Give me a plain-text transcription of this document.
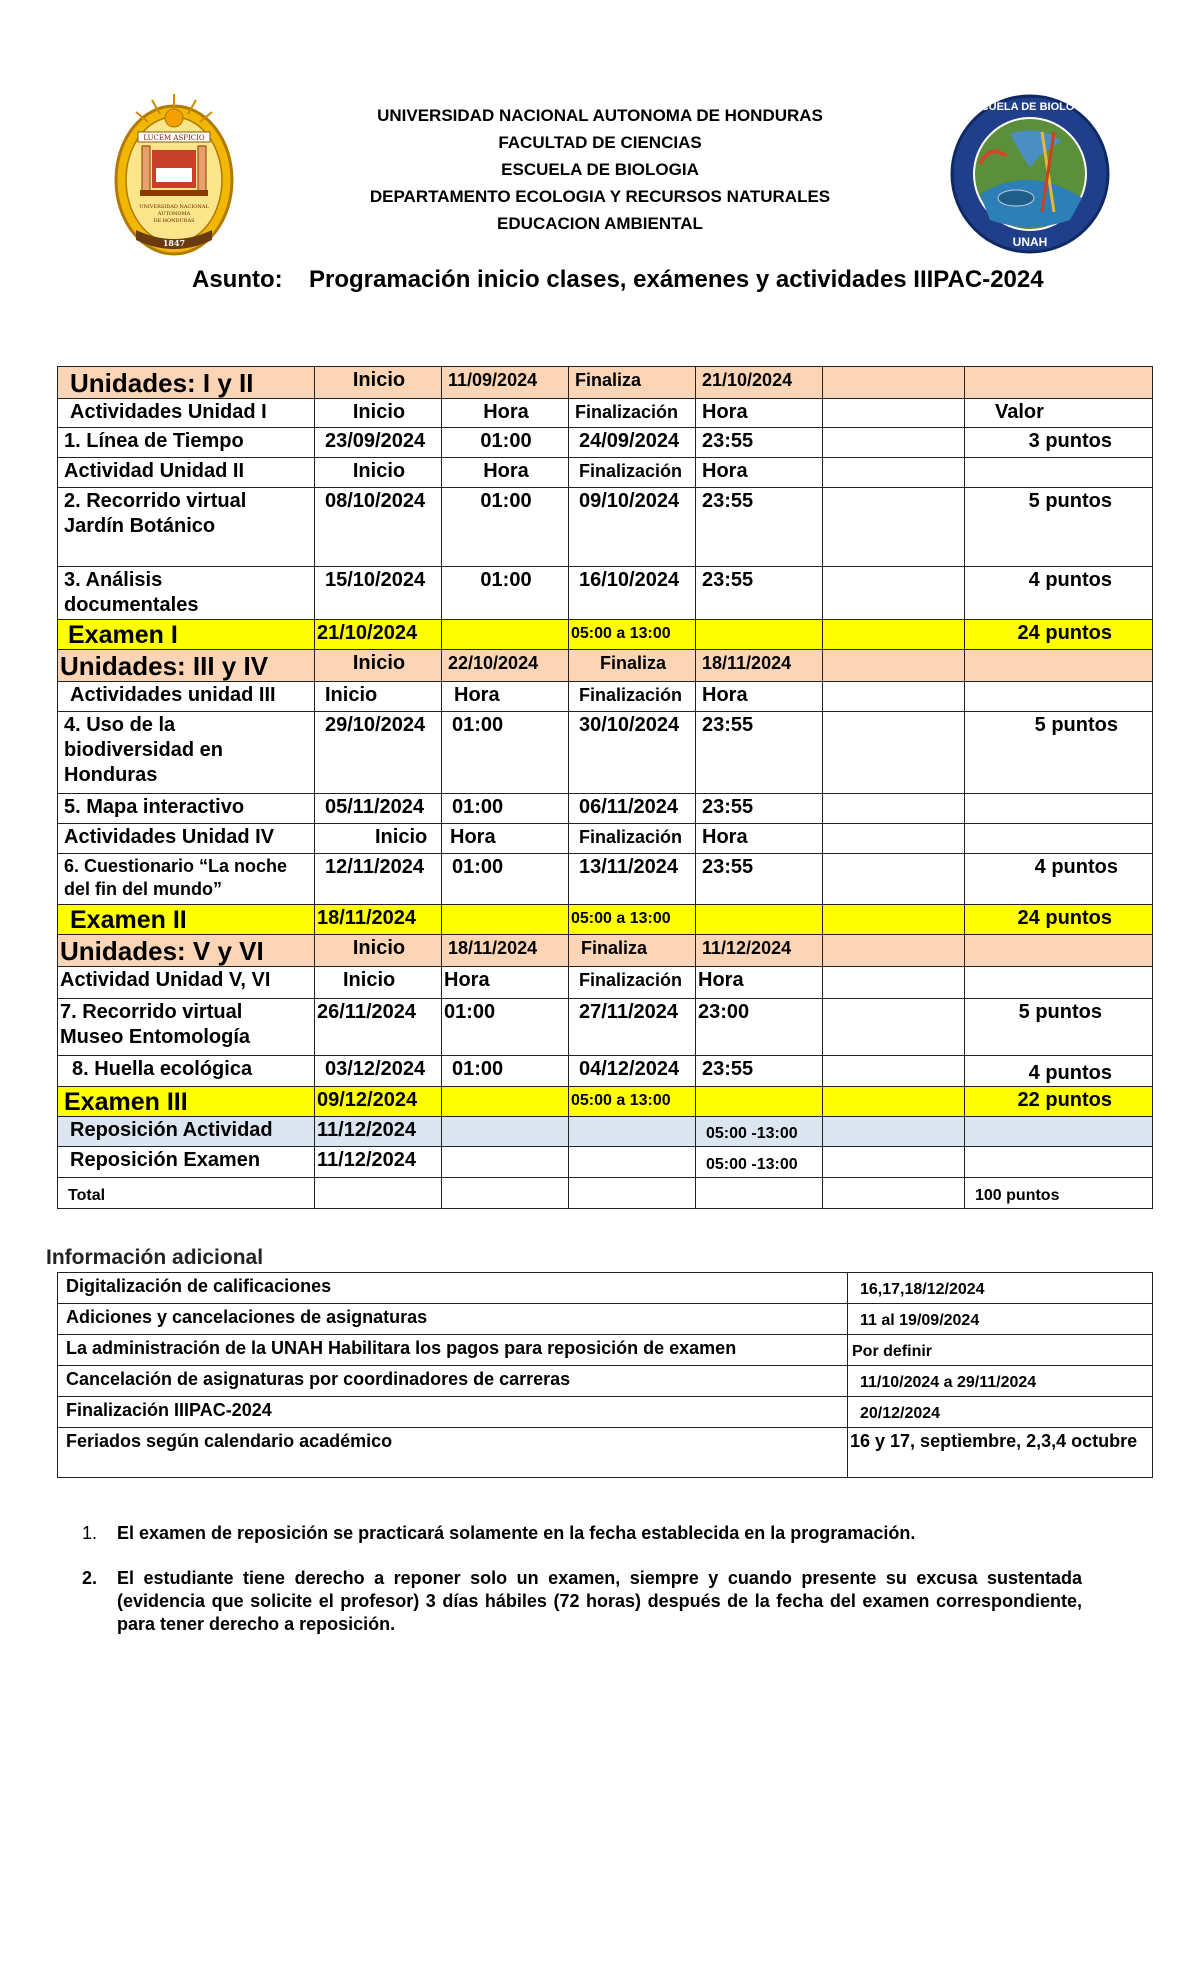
LUCEM ASPICIO
UNIVERSIDAD NACIONAL
AUTONOMA
DE HONDURAS
1847
ESCUELA DE BIOLOGIA
UNAH
UNIVERSIDAD NACIONAL AUTONOMA DE HONDURAS
FACULTAD DE CIENCIAS
ESCUELA DE BIOLOGIA
DEPARTAMENTO ECOLOGIA Y RECURSOS NATURALES
EDUCACION AMBIENTAL
Asunto: Programación inicio clases, exámenes y actividades IIIPAC-2024
Unidades: I y II	Inicio	11/09/2024	Finaliza	21/10/2024		
Actividades Unidad I	Inicio	Hora	Finalización	Hora		Valor
1. Línea de Tiempo	23/09/2024	01:00	24/09/2024	23:55		3 puntos
Actividad Unidad II	Inicio	Hora	Finalización	Hora		
2. Recorrido virtual Jardín Botánico	08/10/2024	01:00	09/10/2024	23:55		5 puntos
3. Análisis documentales	15/10/2024	01:00	16/10/2024	23:55		4 puntos
Examen I	21/10/2024		05:00 a 13:00			24 puntos
Unidades: III y IV	Inicio	22/10/2024	Finaliza	18/11/2024		
Actividades unidad III	Inicio	Hora	Finalización	Hora		
4. Uso de la biodiversidad en Honduras	29/10/2024	01:00	30/10/2024	23:55		5 puntos
5. Mapa interactivo	05/11/2024	01:00	06/11/2024	23:55		
Actividades Unidad IV	Inicio	Hora	Finalización	Hora		
6. Cuestionario “La noche del fin del mundo”	12/11/2024	01:00	13/11/2024	23:55		4 puntos
Examen II	18/11/2024		05:00 a 13:00			24 puntos
Unidades: V y VI	Inicio	18/11/2024	Finaliza	11/12/2024		
Actividad Unidad V, VI	Inicio	Hora	Finalización	Hora		
7. Recorrido virtual Museo Entomología	26/11/2024	01:00	27/11/2024	23:00		5 puntos
8. Huella ecológica	03/12/2024	01:00	04/12/2024	23:55		4 puntos
Examen III	09/12/2024		05:00 a 13:00			22 puntos
Reposición Actividad	11/12/2024			05:00 -13:00		
Reposición Examen	11/12/2024			05:00 -13:00		
Total						100 puntos
Información adicional
Digitalización de calificaciones	16,17,18/12/2024
Adiciones y cancelaciones de asignaturas	11 al 19/09/2024
La administración de la UNAH Habilitara los pagos para reposición de examen	Por definir
Cancelación de asignaturas por coordinadores de carreras	11/10/2024 a 29/11/2024
Finalización IIIPAC-2024	20/12/2024
Feriados según calendario académico	16 y 17, septiembre, 2,3,4 octubre
1. El examen de reposición se practicará solamente en la fecha establecida en la programación.
2. El estudiante tiene derecho a reponer solo un examen, siempre y cuando presente su excusa sustentada (evidencia que solicite el profesor) 3 días hábiles (72 horas) después de la fecha del examen correspondiente, para tener derecho a reposición.
